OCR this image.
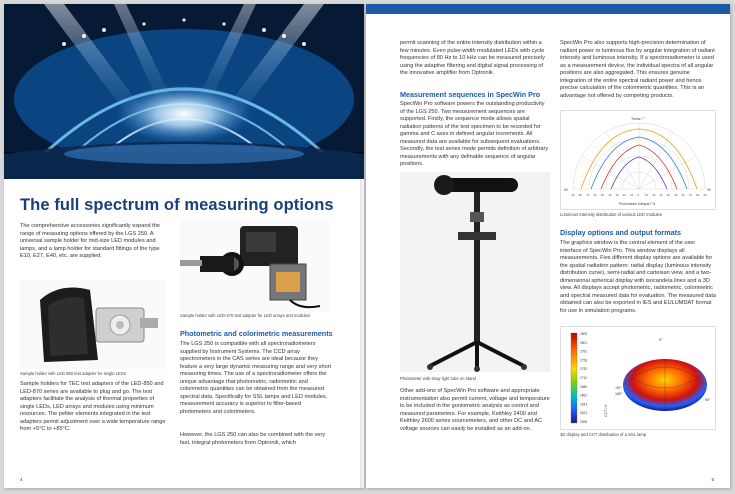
The full spectrum of measuring options

The comprehensive accessories significantly expand the range of measuring options offered by the LGS 250. A universal sample holder for mid-size LED modules and lamps, and a lamp holder for standard fittings of the type E10, E27, E40, etc. are supplied.

Sample holder with LED-470 test adapter for LED arrays and modules
Sample holder with LED 850 test adapter for single LEDs

Sample holders for TEC test adapters of the LED-850 and LED-870 series are available to plug and go. The test adapters facilitate the analysis of thermal properties of single LEDs, LED arrays and modules using minimum resources. The peltier elements integrated in the test adapters permit adjustment over a wide temperature range from +5°C to +85°C.

Photometric and colorimetric measurements

The LGS 250 is compatible with all spectroradiometers supplied by Instrument Systems. The CCD array spectrometers in the CAS series are ideal because they feature a very large dynamic measuring range and very short measuring times. The use of a spectroradiometer offers the unique advantage that photometric, radiometric and colorimetric quantities can be obtained from the measured spectral data. Specifically for SSL lamps and LED modules, measurement accuracy is superior to filter-based photometers and colorimeters.

However, the LGS 250 can also be combined with the very fast, integral photometers from Optronik, which

4

permit scanning of the entire intensity distribution within a few minutes. Even pulse-width modulated LEDs with cycle frequencies of 80 Hz to 10 kHz can be measured precisely using the adaptive filtering and digital signal processing of the innovative amplifier from Optronik.

Measurement sequences in SpecWin Pro

SpecWin Pro software powers the outstanding productivity of the LGS 250. Two measurement sequences are supported. Firstly, the sequence mode allows spatial radiation patterns of the test specimen to be recorded for gamma and C axes in defined angular increments. All measured data are available for subsequent evaluations. Secondly, the test series mode permits definition of arbitrary measurements with any definable sequence of angular positions.

Photometer with stray light tube on stand

Other add-ons of SpecWin Pro software and appropriate instrumentation also permit current, voltage and temperature to be included in the goniometric analysis as control and measured parameters. For example, Keithley 2400 and Keithley 2600 series sourcemeters, and other DC and AC voltage sources can easily be installed as an add-on.

SpecWin Pro also supports high-precision determination of radiant power or luminous flux by angular integration of radiant intensity and luminous intensity. If a spectroradiometer is used as a measurement device, the individual spectra of all angular positions are also aggregated. This ensures genuine integration of the entire spectral radiant power and hence precise calculation of the colorimetric quantities. This is an advantage not offered by competing products.

Theta / °
-90	90
90 80 70 60 50 40 30 20 10 0 10 20 30 40 50 60 70 80 90
Photometric Integral / %
Luminous Intensity distribution of various LED modules
Display options and output formats

The graphics window is the central element of the user interface of SpecWin Pro. This window displays all measurements. Five different display options are available for the spatial radiation pattern: radial display (luminous intensity distribution curve), semi-radial and cartesian view, and a two-dimensional spherical display with isocandela lines and a 3D view. All displays accept photometric, radiometric, colorimetric and spectral measured data for evaluation. The measured data obtained can also be exported in IES and EULUMDAT format for use in simulation programs.

2809
2801
2781
2758
2733
2710
2686
2662
2643
2623
2598
CCT / K
0°
-90°
180°
90°
3D display and CCT distribution of a SSL lamp
5
